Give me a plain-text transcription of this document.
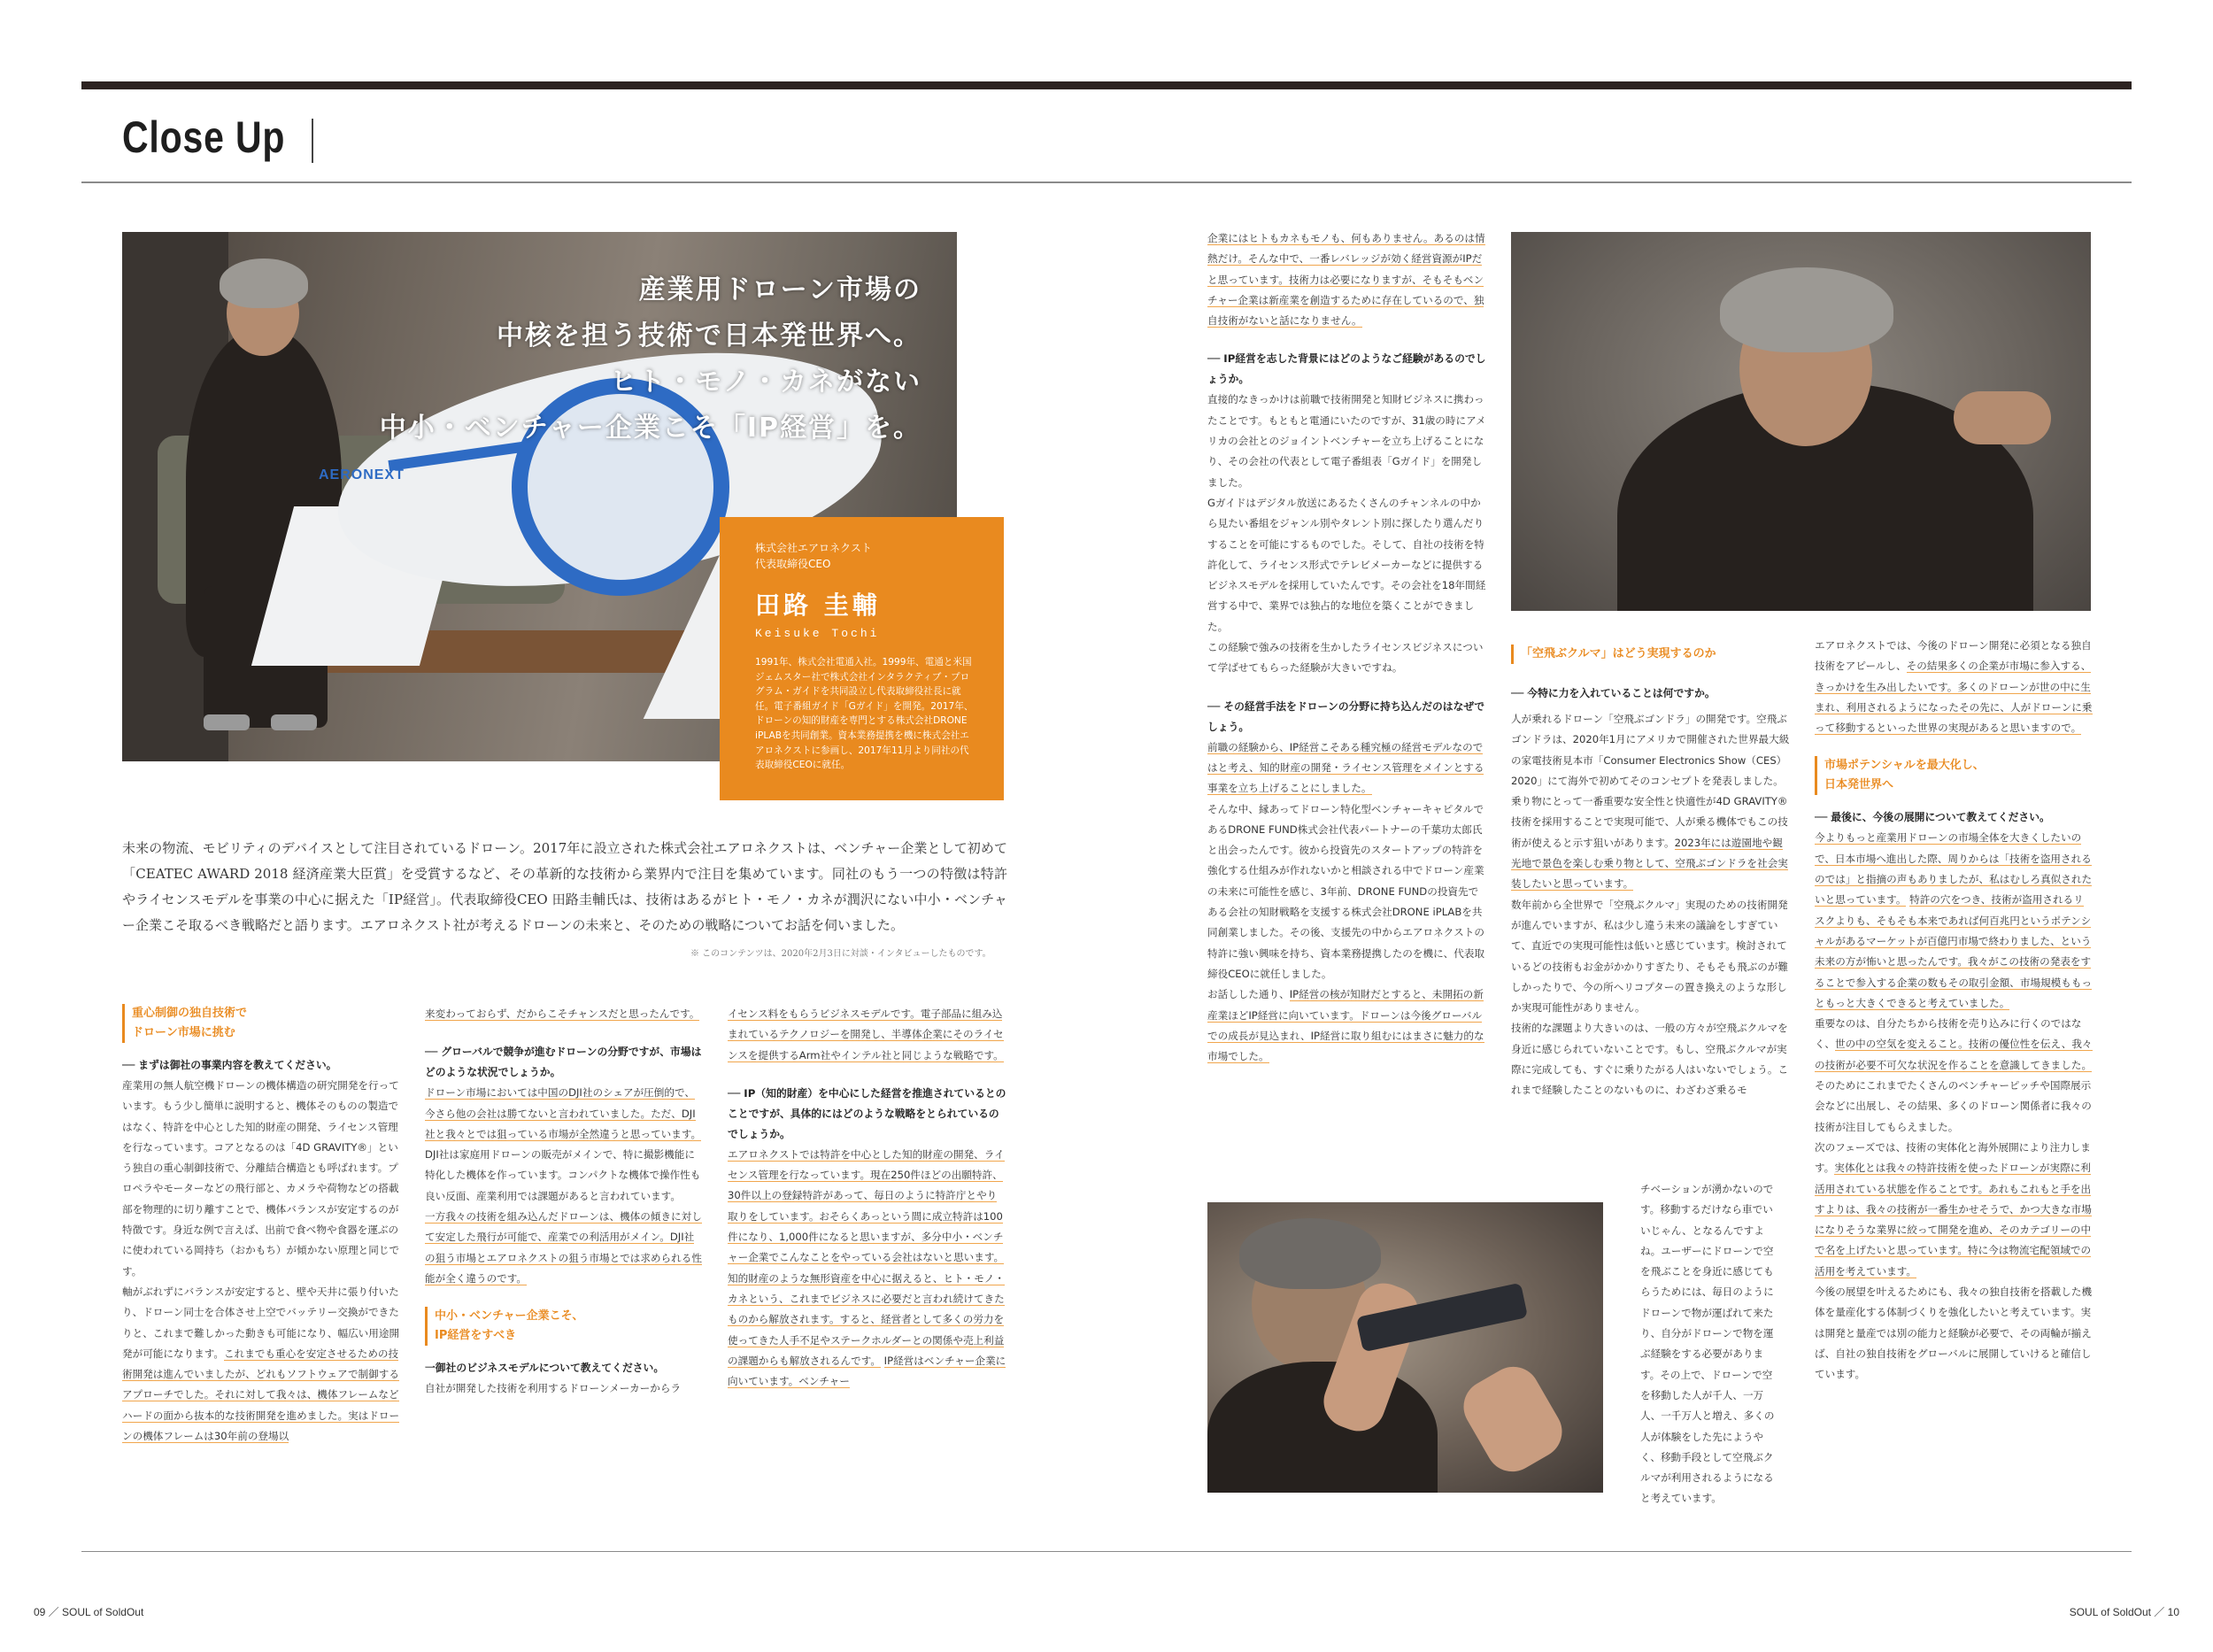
Close Up
AERONEXT
産業用ドローン市場の
中核を担う技術で日本発世界へ。
ヒト・モノ・カネがない
中小・ベンチャー企業こそ「IP経営」を。
株式会社エアロネクスト
代表取締役CEO
田路 圭輔
Keisuke Tochi
1991年、株式会社電通入社。1999年、電通と米国ジェムスター社で株式会社インタラクティブ・プログラム・ガイドを共同設立し代表取締役社長に就任。電子番組ガイド「Gガイド」を開発。2017年、ドローンの知的財産を専門とする株式会社DRONE iPLABを共同創業。資本業務提携を機に株式会社エアロネクストに参画し、2017年11月より同社の代表取締役CEOに就任。
未来の物流、モビリティのデバイスとして注目されているドローン。2017年に設立された株式会社エアロネクストは、ベンチャー企業として初めて「CEATEC AWARD 2018 経済産業大臣賞」を受賞するなど、その革新的な技術から業界内で注目を集めています。同社のもう一つの特徴は特許やライセンスモデルを事業の中心に据えた「IP経営」。代表取締役CEO 田路圭輔氏は、技術はあるがヒト・モノ・カネが潤沢にない中小・ベンチャー企業こそ取るべき戦略だと語ります。エアロネクスト社が考えるドローンの未来と、そのための戦略についてお話を伺いました。
※ このコンテンツは、2020年2月3日に対談・インタビューしたものです。
重心制御の独自技術で
ドローン市場に挑む

── まずは御社の事業内容を教えてください。

産業用の無人航空機ドローンの機体構造の研究開発を行っています。もう少し簡単に説明すると、機体そのものの製造ではなく、特許を中心とした知的財産の開発、ライセンス管理を行なっています。コアとなるのは「4D GRAVITY®」という独自の重心制御技術で、分離結合構造とも呼ばれます。プロペラやモーターなどの飛行部と、カメラや荷物などの搭載部を物理的に切り離すことで、機体バランスが安定するのが特徴です。身近な例で言えば、出前で食べ物や食器を運ぶのに使われている岡持ち（おかもち）が傾かない原理と同じです。

軸がぶれずにバランスが安定すると、壁や天井に張り付いたり、ドローン同士を合体させ上空でバッテリー交換ができたりと、これまで難しかった動きも可能になり、幅広い用途開発が可能になります。これまでも重心を安定させるための技術開発は進んでいましたが、どれもソフトウェアで制御するアプローチでした。それに対して我々は、機体フレームなどハードの面から抜本的な技術開発を進めました。実はドローンの機体フレームは30年前の登場以

来変わっておらず、だからこそチャンスだと思ったんです。

── グローバルで競争が進むドローンの分野ですが、市場はどのような状況でしょうか。

ドローン市場においては中国のDJI社のシェアが圧倒的で、今さら他の会社は勝てないと言われていました。ただ、DJI社と我々とでは狙っている市場が全然違うと思っています。

DJI社は家庭用ドローンの販売がメインで、特に撮影機能に特化した機体を作っています。コンパクトな機体で操作性も良い反面、産業利用では課題があると言われています。

一方我々の技術を組み込んだドローンは、機体の傾きに対して安定した飛行が可能で、産業での利活用がメイン。DJI社の狙う市場とエアロネクストの狙う市場とでは求められる性能が全く違うのです。

中小・ベンチャー企業こそ、
IP経営をすべき

一御社のビジネスモデルについて教えてください。

自社が開発した技術を利用するドローンメーカーからラ

イセンス料をもらうビジネスモデルです。電子部品に組み込まれているテクノロジーを開発し、半導体企業にそのライセンスを提供するArm社やインテル社と同じような戦略です。

── IP（知的財産）を中心にした経営を推進されているとのことですが、具体的にはどのような戦略をとられているのでしょうか。

エアロネクストでは特許を中心とした知的財産の開発、ライセンス管理を行なっています。現在250件ほどの出願特許、30件以上の登録特許があって、毎日のように特許庁とやり取りをしています。おそらくあっという間に成立特許は100件になり、1,000件になると思いますが、多分中小・ベンチャー企業でこんなことをやっている会社はないと思います。

知的財産のような無形資産を中心に据えると、ヒト・モノ・カネという、これまでビジネスに必要だと言われ続けてきたものから解放されます。すると、経営者として多くの労力を使ってきた人手不足やステークホルダーとの関係や売上利益の課題からも解放されるんです。

IP経営はベンチャー企業に向いています。ベンチャー

企業にはヒトもカネもモノも、何もありません。あるのは情熱だけ。そんな中で、一番レバレッジが効く経営資源がIPだと思っています。技術力は必要になりますが、そもそもベンチャー企業は新産業を創造するために存在しているので、独自技術がないと話になりません。

── IP経営を志した背景にはどのようなご経験があるのでしょうか。

直接的なきっかけは前職で技術開発と知財ビジネスに携わったことです。もともと電通にいたのですが、31歳の時にアメリカの会社とのジョイントベンチャーを立ち上げることになり、その会社の代表として電子番組表「Gガイド」を開発しました。

Gガイドはデジタル放送にあるたくさんのチャンネルの中から見たい番組をジャンル別やタレント別に探したり選んだりすることを可能にするものでした。そして、自社の技術を特許化して、ライセンス形式でテレビメーカーなどに提供するビジネスモデルを採用していたんです。その会社を18年間経営する中で、業界では独占的な地位を築くことができました。

この経験で強みの技術を生かしたライセンスビジネスについて学ばせてもらった経験が大きいですね。

── その経営手法をドローンの分野に持ち込んだのはなぜでしょう。

前職の経験から、IP経営こそある種究極の経営モデルなのではと考え、知的財産の開発・ライセンス管理をメインとする事業を立ち上げることにしました。

そんな中、縁あってドローン特化型ベンチャーキャピタルであるDRONE FUND株式会社代表パートナーの千葉功太郎氏と出会ったんです。彼から投資先のスタートアップの特許を強化する仕組みが作れないかと相談される中でドローン産業の未来に可能性を感じ、3年前、DRONE FUNDの投資先である会社の知財戦略を支援する株式会社DRONE iPLABを共同創業しました。その後、支援先の中からエアロネクストの特許に強い興味を持ち、資本業務提携したのを機に、代表取締役CEOに就任しました。

お話しした通り、IP経営の核が知財だとすると、未開拓の新産業ほどIP経営に向いています。ドローンは今後グローバルでの成長が見込まれ、IP経営に取り組むにはまさに魅力的な市場でした。

「空飛ぶクルマ」はどう実現するのか

── 今特に力を入れていることは何ですか。

人が乗れるドローン「空飛ぶゴンドラ」の開発です。空飛ぶゴンドラは、2020年1月にアメリカで開催された世界最大級の家電技術見本市「Consumer Electronics Show（CES）2020」にて海外で初めてそのコンセプトを発表しました。乗り物にとって一番重要な安全性と快適性が4D GRAVITY®技術を採用することで実現可能で、人が乗る機体でもこの技術が使えると示す狙いがあります。2023年には遊園地や観光地で景色を楽しむ乗り物として、空飛ぶゴンドラを社会実装したいと思っています。

数年前から全世界で「空飛ぶクルマ」実現のための技術開発が進んでいますが、私は少し違う未来の議論をしすぎていて、直近での実現可能性は低いと感じています。検討されているどの技術もお金がかかりすぎたり、そもそも飛ぶのが難しかったりで、今の所ヘリコプターの置き換えのような形しか実現可能性がありません。

技術的な課題より大きいのは、一般の方々が空飛ぶクルマを身近に感じられていないことです。もし、空飛ぶクルマが実際に完成しても、すぐに乗りたがる人はいないでしょう。これまで経験したことのないものに、わざわざ乗るモ

チベーションが湧かないのです。移動するだけなら車でいいじゃん、となるんですよね。ユーザーにドローンで空を飛ぶことを身近に感じてもらうためには、毎日のようにドローンで物が運ばれて来たり、自分がドローンで物を運ぶ経験をする必要があります。その上で、ドローンで空を移動した人が千人、一万人、一千万人と増え、多くの人が体験をした先にようやく、移動手段として空飛ぶクルマが利用されるようになると考えています。

エアロネクストでは、今後のドローン開発に必須となる独自技術をアピールし、その結果多くの企業が市場に参入する、きっかけを生み出したいです。多くのドローンが世の中に生まれ、利用されるようになったその先に、人がドローンに乗って移動するといった世界の実現があると思いますので。

市場ポテンシャルを最大化し、
日本発世界へ

── 最後に、今後の展開について教えてください。

今よりもっと産業用ドローンの市場全体を大きくしたいので、日本市場へ進出した際、周りからは「技術を盗用されるのでは」と指摘の声もありましたが、私はむしろ真似されたいと思っています。

特許の穴をつき、技術が盗用されるリスクよりも、そもそも本来であれば何百兆円というポテンシャルがあるマーケットが百億円市場で終わりました、という未来の方が怖いと思ったんです。我々がこの技術の発表をすることで参入する企業の数もその取引金額、市場規模ももっともっと大きくできると考えていました。

重要なのは、自分たちから技術を売り込みに行くのではなく、世の中の空気を変えること。技術の優位性を伝え、我々の技術が必要不可欠な状況を作ることを意識してきました。そのためにこれまでたくさんのベンチャーピッチや国際展示会などに出展し、その結果、多くのドローン関係者に我々の技術が注目してもらえました。

次のフェーズでは、技術の実体化と海外展開により注力します。実体化とは我々の特許技術を使ったドローンが実際に利活用されている状態を作ることです。あれもこれもと手を出すよりは、我々の技術が一番生かせそうで、かつ大きな市場になりそうな業界に絞って開発を進め、そのカテゴリーの中で名を上げたいと思っています。特に今は物流宅配領域での活用を考えています。

今後の展望を叶えるためにも、我々の独自技術を搭載した機体を量産化する体制づくりを強化したいと考えています。実は開発と量産では別の能力と経験が必要で、その両輪が揃えば、自社の独自技術をグローバルに展開していけると確信しています。

09 ／ SOUL of SoldOut	SOUL of SoldOut ／ 10
